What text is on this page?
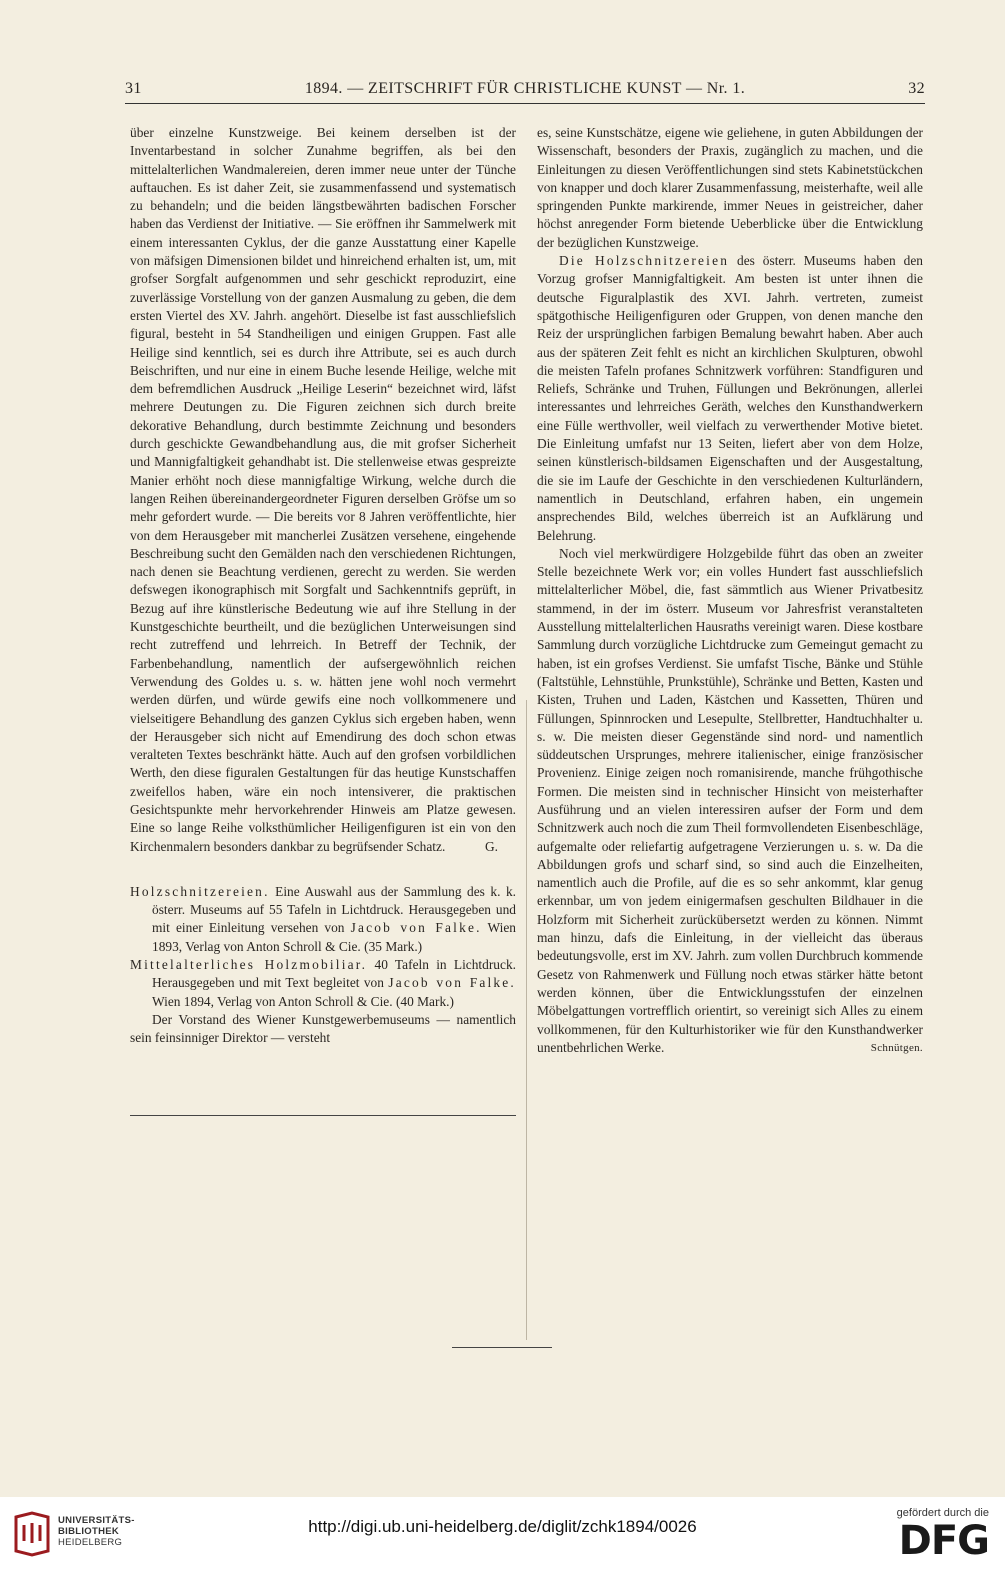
31	1894. — ZEITSCHRIFT FÜR CHRISTLICHE KUNST — Nr. 1.	32

über einzelne Kunstzweige. Bei keinem derselben ist der Inventarbestand in solcher Zunahme begriffen, als bei den mittelalterlichen Wandmalereien, deren immer neue unter der Tünche auftauchen. Es ist daher Zeit, sie zusammenfassend und systematisch zu behandeln; und die beiden längstbewährten badischen Forscher haben das Verdienst der Initiative. — Sie eröffnen ihr Sammelwerk mit einem interessanten Cyklus, der die ganze Ausstattung einer Kapelle von mäfsigen Dimensionen bildet und hinreichend erhalten ist, um, mit grofser Sorgfalt aufgenommen und sehr geschickt reproduzirt, eine zuverlässige Vorstellung von der ganzen Ausmalung zu geben, die dem ersten Viertel des XV. Jahrh. angehört. Dieselbe ist fast ausschliefslich figural, besteht in 54 Standheiligen und einigen Gruppen. Fast alle Heilige sind kenntlich, sei es durch ihre Attribute, sei es auch durch Beischriften, und nur eine in einem Buche lesende Heilige, welche mit dem befremdlichen Ausdruck „Heilige Leserin“ bezeichnet wird, läfst mehrere Deutungen zu. Die Figuren zeichnen sich durch breite dekorative Behandlung, durch bestimmte Zeichnung und besonders durch geschickte Gewandbehandlung aus, die mit grofser Sicherheit und Mannigfaltigkeit gehandhabt ist. Die stellenweise etwas gespreizte Manier erhöht noch diese mannigfaltige Wirkung, welche durch die langen Reihen übereinandergeordneter Figuren derselben Gröfse um so mehr gefordert wurde. — Die bereits vor 8 Jahren veröffentlichte, hier von dem Herausgeber mit mancherlei Zusätzen versehene, eingehende Beschreibung sucht den Gemälden nach den verschiedenen Richtungen, nach denen sie Beachtung verdienen, gerecht zu werden. Sie werden defswegen ikonographisch mit Sorgfalt und Sachkenntnifs geprüft, in Bezug auf ihre künstlerische Bedeutung wie auf ihre Stellung in der Kunstgeschichte beurtheilt, und die bezüglichen Unterweisungen sind recht zutreffend und lehrreich. In Betreff der Technik, der Farbenbehandlung, namentlich der aufsergewöhnlich reichen Verwendung des Goldes u. s. w. hätten jene wohl noch vermehrt werden dürfen, und würde gewifs eine noch vollkommenere und vielseitigere Behandlung des ganzen Cyklus sich ergeben haben, wenn der Herausgeber sich nicht auf Emendirung des doch schon etwas veralteten Textes beschränkt hätte. Auch auf den grofsen vorbildlichen Werth, den diese figuralen Gestaltungen für das heutige Kunstschaffen zweifellos haben, wäre ein noch intensiverer, die praktischen Gesichtspunkte mehr hervorkehrender Hinweis am Platze gewesen. Eine so lange Reihe volksthümlicher Heiligenfiguren ist ein von den Kirchenmalern besonders dankbar zu begrüfsender Schatz.	G.

Holzschnitzereien. Eine Auswahl aus der Sammlung des k. k. österr. Museums auf 55 Tafeln in Lichtdruck. Herausgegeben und mit einer Einleitung versehen von Jacob von Falke. Wien 1893, Verlag von Anton Schroll & Cie. (35 Mark.)

Mittelalterliches Holzmobiliar. 40 Tafeln in Lichtdruck. Herausgegeben und mit Text begleitet von Jacob von Falke. Wien 1894, Verlag von Anton Schroll & Cie. (40 Mark.)

Der Vorstand des Wiener Kunstgewerbemuseums — namentlich sein feinsinniger Direktor — versteht

es, seine Kunstschätze, eigene wie geliehene, in guten Abbildungen der Wissenschaft, besonders der Praxis, zugänglich zu machen, und die Einleitungen zu diesen Veröffentlichungen sind stets Kabinetstückchen von knapper und doch klarer Zusammenfassung, meisterhafte, weil alle springenden Punkte markirende, immer Neues in geistreicher, daher höchst anregender Form bietende Ueberblicke über die Entwicklung der bezüglichen Kunstzweige.

Die Holzschnitzereien des österr. Museums haben den Vorzug grofser Mannigfaltigkeit. Am besten ist unter ihnen die deutsche Figuralplastik des XVI. Jahrh. vertreten, zumeist spätgothische Heiligenfiguren oder Gruppen, von denen manche den Reiz der ursprünglichen farbigen Bemalung bewahrt haben. Aber auch aus der späteren Zeit fehlt es nicht an kirchlichen Skulpturen, obwohl die meisten Tafeln profanes Schnitzwerk vorführen: Standfiguren und Reliefs, Schränke und Truhen, Füllungen und Bekrönungen, allerlei interessantes und lehrreiches Geräth, welches den Kunsthandwerkern eine Fülle werthvoller, weil vielfach zu verwerthender Motive bietet. Die Einleitung umfafst nur 13 Seiten, liefert aber von dem Holze, seinen künstlerisch-bildsamen Eigenschaften und der Ausgestaltung, die sie im Laufe der Geschichte in den verschiedenen Kulturländern, namentlich in Deutschland, erfahren haben, ein ungemein ansprechendes Bild, welches überreich ist an Aufklärung und Belehrung.

Noch viel merkwürdigere Holzgebilde führt das oben an zweiter Stelle bezeichnete Werk vor; ein volles Hundert fast ausschliefslich mittelalterlicher Möbel, die, fast sämmtlich aus Wiener Privatbesitz stammend, in der im österr. Museum vor Jahresfrist veranstalteten Ausstellung mittelalterlichen Hausraths vereinigt waren. Diese kostbare Sammlung durch vorzügliche Lichtdrucke zum Gemeingut gemacht zu haben, ist ein grofses Verdienst. Sie umfafst Tische, Bänke und Stühle (Faltstühle, Lehnstühle, Prunkstühle), Schränke und Betten, Kasten und Kisten, Truhen und Laden, Kästchen und Kassetten, Thüren und Füllungen, Spinnrocken und Lesepulte, Stellbretter, Handtuchhalter u. s. w. Die meisten dieser Gegenstände sind nord- und namentlich süddeutschen Ursprunges, mehrere italienischer, einige französischer Provenienz. Einige zeigen noch romanisirende, manche frühgothische Formen. Die meisten sind in technischer Hinsicht von meisterhafter Ausführung und an vielen interessiren aufser der Form und dem Schnitzwerk auch noch die zum Theil formvollendeten Eisenbeschläge, aufgemalte oder reliefartig aufgetragene Verzierungen u. s. w. Da die Abbildungen grofs und scharf sind, so sind auch die Einzelheiten, namentlich auch die Profile, auf die es so sehr ankommt, klar genug erkennbar, um von jedem einigermafsen geschulten Bildhauer in die Holzform mit Sicherheit zurückübersetzt werden zu können. Nimmt man hinzu, dafs die Einleitung, in der vielleicht das überaus bedeutungsvolle, erst im XV. Jahrh. zum vollen Durchbruch kommende Gesetz von Rahmenwerk und Füllung noch etwas stärker hätte betont werden können, über die Entwicklungsstufen der einzelnen Möbelgattungen vortrefflich orientirt, so vereinigt sich Alles zu einem vollkommenen, für den Kulturhistoriker wie für den Kunsthandwerker unentbehrlichen Werke.	Schnütgen.

UNIVERSITÄTS-
BIBLIOTHEK
HEIDELBERG
http://digi.ub.uni-heidelberg.de/diglit/zchk1894/0026
gefördert durch die
DFG
